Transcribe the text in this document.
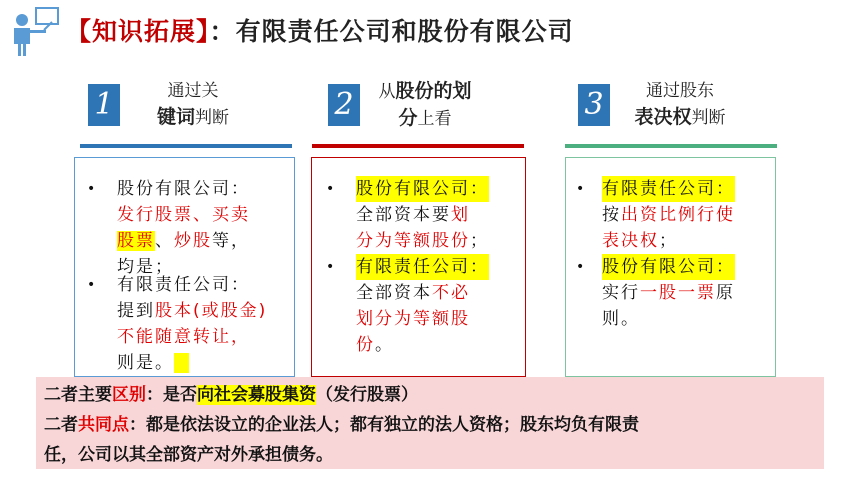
【知识拓展】：有限责任公司和股份有限公司
1	通过关
键词判断	2	从股份的划
分上看	3	通过股东
表决权判断
• 股份有限公司：
发行股票、买卖
股票、炒股等，
均是；
• 有限责任公司：
提到股本(或股金)
不能随意转让，
则是。
• 股份有限公司：
全部资本要划
分为等额股份；
• 有限责任公司：
全部资本不必
划分为等额股
份。
• 有限责任公司：
按出资比例行使
表决权；
• 股份有限公司：
实行一股一票原
则。
二者主要区别：是否向社会募股集资（发行股票）
二者共同点：都是依法设立的企业法人；都有独立的法人资格；股东均负有限责
任，公司以其全部资产对外承担债务。
